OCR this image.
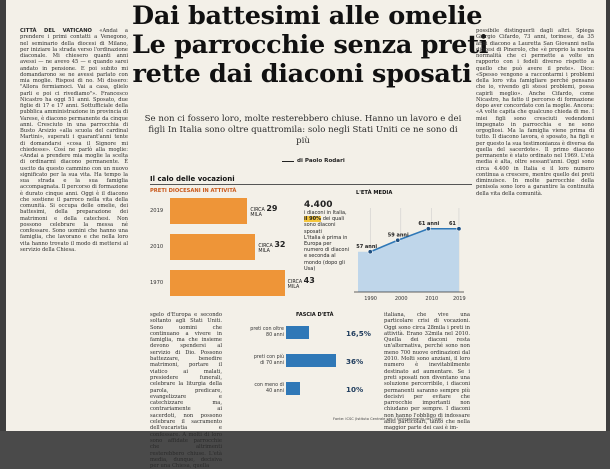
CITTÀ DEL VATICANO «Andai a prendere i primi contatti a Venegono, nel seminario della diocesi di Milano, per iniziare la strada verso l'ordinazione diaconale. Mi chiesero quanti anni avessi — ne avevo 45 — e quando sarei andato in pensione. E poi subito mi domandarono se ne avessi parlato con mia moglie. Risposi di no. Mi dissero: "Allora fermiamoci. Vai a casa, glielo parli e poi ci rivediamo"». Francesco Nicastro ha oggi 51 anni. Sposato, due figlie di 17 e 17 anni. Sottufficiale della pubblica amministrazione in provincia di Varese, è diacono permanente da cinque anni. Cresciuto in una parrocchia di Busto Arsizio «alla scuola del cardinal Martini», superati i quarant'anni tente di domandarsi «cosa il Signore mi chiedesse». Così ne parlò alla moglie: «Andai a prendere mia moglie la scelta di ordinarmi diacono permanente. È uscito da questo cammino con un nuovo significato per la sua vita. Ha tempo la sua strada e la sua famiglia accompagnata. Il percorso di formazione è durato cinque anni. Oggi è il diacono che sostiene il parroco nella vita della comunità. Si occupa delle omelie, dei battesimi, della preparazione dei matrimoni e della catechesi. Non possono celebrare la messa né confessare. Sono uomini che hanno una famiglia, che lavorano e che nella loro vita hanno trovato il modo di mettersi al servizio della Chiesa.

Dai battesimi alle omelie
Le parrocchie senza preti
rette dai diaconi sposati
Se non ci fossero loro, molte resterebbero chiuse. Hanno un lavoro e dei figli In Italia sono oltre quattromila: solo negli Stati Uniti ce ne sono di più
di Paolo Rodari
Il calo delle vocazioni
PRETI DIOCESANI IN ATTIVITÀ
2019	CIRCA 29
MILA
2010	CIRCA 32
MILA
1970	CIRCA 43
MILA
4.400
i diaconi in Italia,
il 90% dei quali sono diaconi sposati
L'Italia è prima in Europa per numero di diaconi e seconda al mondo (dopo gli Usa)
L'ETÀ MEDIA
57 anni
59 anni
61 anni 61
1990	2000	2010	2019

sgelo d'Europa e secondo soltanto agli Stati Uniti. Sono uomini che continuano a vivere in famiglia, ma che insieme devono spendersi al servizio di Dio. Possono battezzare, benedire matrimoni, portare il viatico ai malati, presiedere funerali, celebrare la liturgia della parola, predicare, evangelizzare e catechizzare ma, contrariamente ai sacerdoti, non possono celebrare il sacramento dell'eucaristia e confessare. A molti di loro sono affidate parrocchie che altrimenti resterebbero chiuse. L'età media, dunque, decisiva per una Chiesa, quella

italiana, che vive una particolare crisi di vocazioni. Oggi sono circa 28mila i preti in attività. Erano 32mila nel 2010. Quella dei diaconi resta un'alternativa, perché sono non meno 700 nuove ordinazioni dal 2010. Molti sono anziani, il loro numero è inevitabilmente destinato ad aumentare. Se i preti sposati non diventano una soluzione percorribile, i diaconi permanenti saranno sempre più decisivi per evitare che parrocchie importanti non chiudano per sempre. I diaconi non hanno l'obbligo di indossare abiti particolari, tanto che nella maggior parte dei casi è im-

FASCIA D'ETÀ
preti con oltre 80 anni	16,5%
preti con più di 70 anni	36%
con meno di 40 anni	10%
Fonte: ICSC (Istituto Centrale per il Sostentamento del Clero)

possibile distinguerli dagli altri. Spiega Giorgio Cifardo, 73 anni, torinese, da 35 anni diacono a Lauretta San Giovanni nella diocesi di Pinerolo, che «è proprio la nostra normalità che ci permette a volte un rapporto con i fedeli diverso rispetto a quello che può avere il prete». Dice: «Spesso vengono a raccontarmi i problemi della loro vita famigliare perché pensano che io, vivendo gli stessi problemi, possa capirli meglio». Anche Cifardo, come Nicastro, ha fatto il percorso di formazione dopo aver concordato con la moglie. Ancora: «A volte capita che qualcuno chieda di me. I miei figli sono cresciuti vedendomi impegnato in parrocchia e ne sono orgogliosi. Ma la famiglia viene prima di tutto. Il diacono lavora, è sposato, ha figli e per questo la sua testimonianza è diversa da quella del sacerdote». Il primo diacono permanente è stato ordinato nel 1969. L'età media è alta, oltre sessant'anni. Oggi sono circa 4.400 in Italia e il loro numero continua a crescere, mentre quello dei preti diminuisce. In molte parrocchie della penisola sono loro a garantire la continuità della vita della comunità.
